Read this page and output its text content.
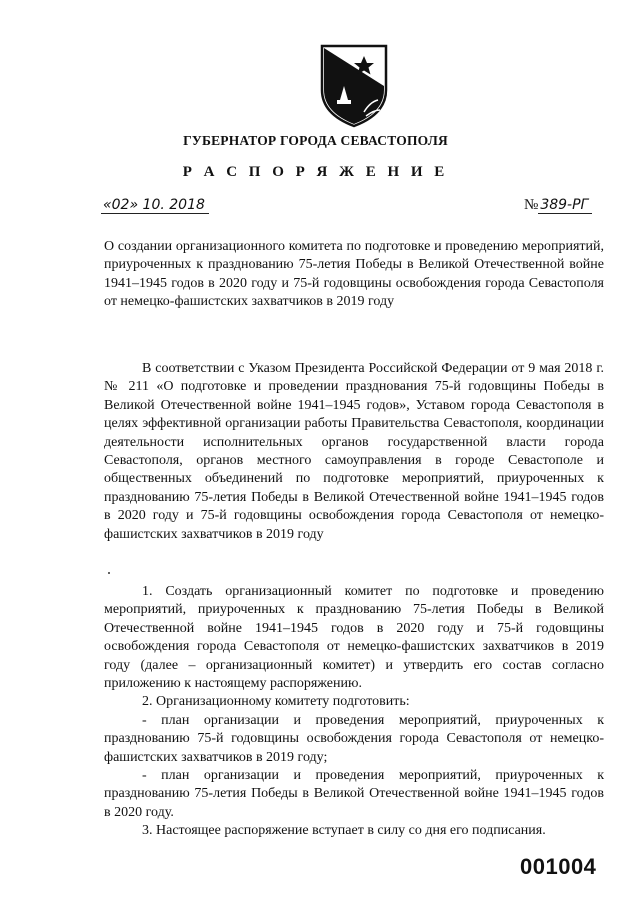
ГУБЕРНАТОР ГОРОДА СЕВАСТОПОЛЯ
Р А С П О Р Я Ж Е Н И Е
«02» 10. 2018	№ 389-РГ

О создании организационного комитета по подготовке и проведению мероприятий, приуроченных к празднованию 75-летия Победы в Великой Отечественной войне 1941–1945 годов в 2020 году и 75-й годовщины освобождения города Севастополя от немецко-фашистских захватчиков в 2019 году

В соответствии с Указом Президента Российской Федерации от 9 мая 2018 г. № 211 «О подготовке и проведении празднования 75-й годовщины Победы в Великой Отечественной войне 1941–1945 годов», Уставом города Севастополя в целях эффективной организации работы Правительства Севастополя, координации деятельности исполнительных органов государственной власти города Севастополя, органов местного самоуправления в городе Севастополе и общественных объединений по подготовке мероприятий, приуроченных к празднованию 75-летия Победы в Великой Отечественной войне 1941–1945 годов в 2020 году и 75-й годовщины освобождения города Севастополя от немецко-фашистских захватчиков в 2019 году

1. Создать организационный комитет по подготовке и проведению мероприятий, приуроченных к празднованию 75-летия Победы в Великой Отечественной войне 1941–1945 годов в 2020 году и 75-й годовщины освобождения города Севастополя от немецко-фашистских захватчиков в 2019 году (далее – организационный комитет) и утвердить его состав согласно приложению к настоящему распоряжению.

2. Организационному комитету подготовить:

- план организации и проведения мероприятий, приуроченных к празднованию 75-й годовщины освобождения города Севастополя от немецко-фашистских захватчиков в 2019 году;

- план организации и проведения мероприятий, приуроченных к празднованию 75-летия Победы в Великой Отечественной войне 1941–1945 годов в 2020 году.

3. Настоящее распоряжение вступает в силу со дня его подписания.

001004
